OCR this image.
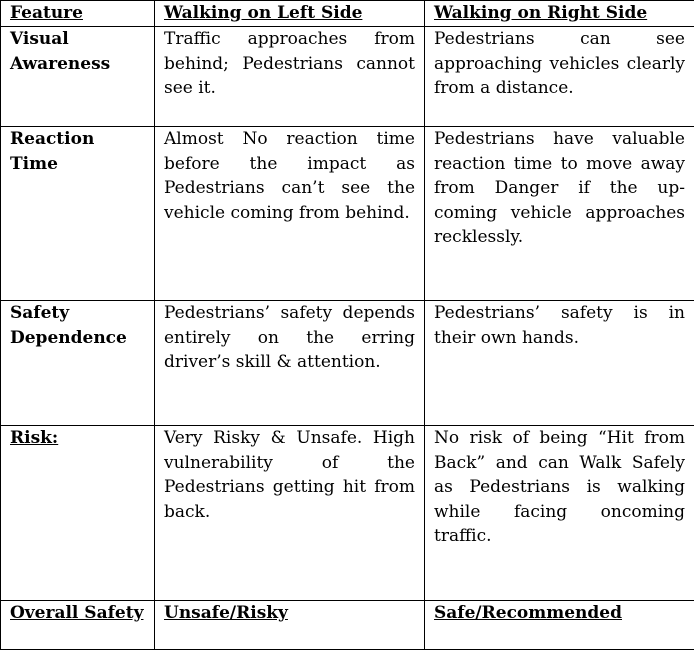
Feature	Walking on Left Side	Walking on Right Side
Visual Awareness	Traffic approaches from behind; Pedestrians cannot see it.	Pedestrians can see approaching vehicles clearly from a distance.
Reaction Time	Almost No reaction time before the impact as Pedestrians can’t see the vehicle coming from behind.	Pedestrians have valuable reaction time to move away from Danger if the up-coming vehicle approaches recklessly.
Safety Dependence	Pedestrians’ safety depends entirely on the erring driver’s skill & attention.	Pedestrians’ safety is in their own hands.
Risk:	Very Risky & Unsafe. High vulnerability of the Pedestrians getting hit from back.	No risk of being “Hit from Back” and can Walk Safely as Pedestrians is walking while facing oncoming traffic.
Overall Safety	Unsafe/Risky	Safe/Recommended
